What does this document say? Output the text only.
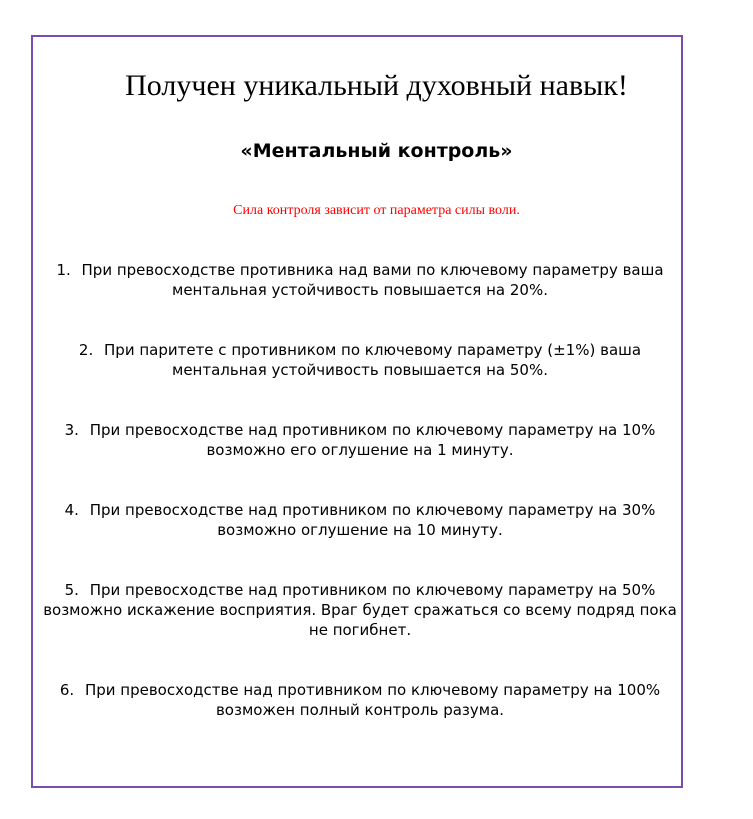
Получен уникальный духовный навык!
«Ментальный контроль»

Сила контроля зависит от параметра силы воли.

1. При превосходстве противника над вами по ключевому параметру ваша ментальная устойчивость повышается на 20%.

2. При паритете с противником по ключевому параметру (±1%) ваша ментальная устойчивость повышается на 50%.

3. При превосходстве над противником по ключевому параметру на 10% возможно его оглушение на 1 минуту.

4. При превосходстве над противником по ключевому параметру на 30% возможно оглушение на 10 минуту.

5. При превосходстве над противником по ключевому параметру на 50% возможно искажение восприятия. Враг будет сражаться со всему подряд пока не погибнет.

6. При превосходстве над противником по ключевому параметру на 100% возможен полный контроль разума.
